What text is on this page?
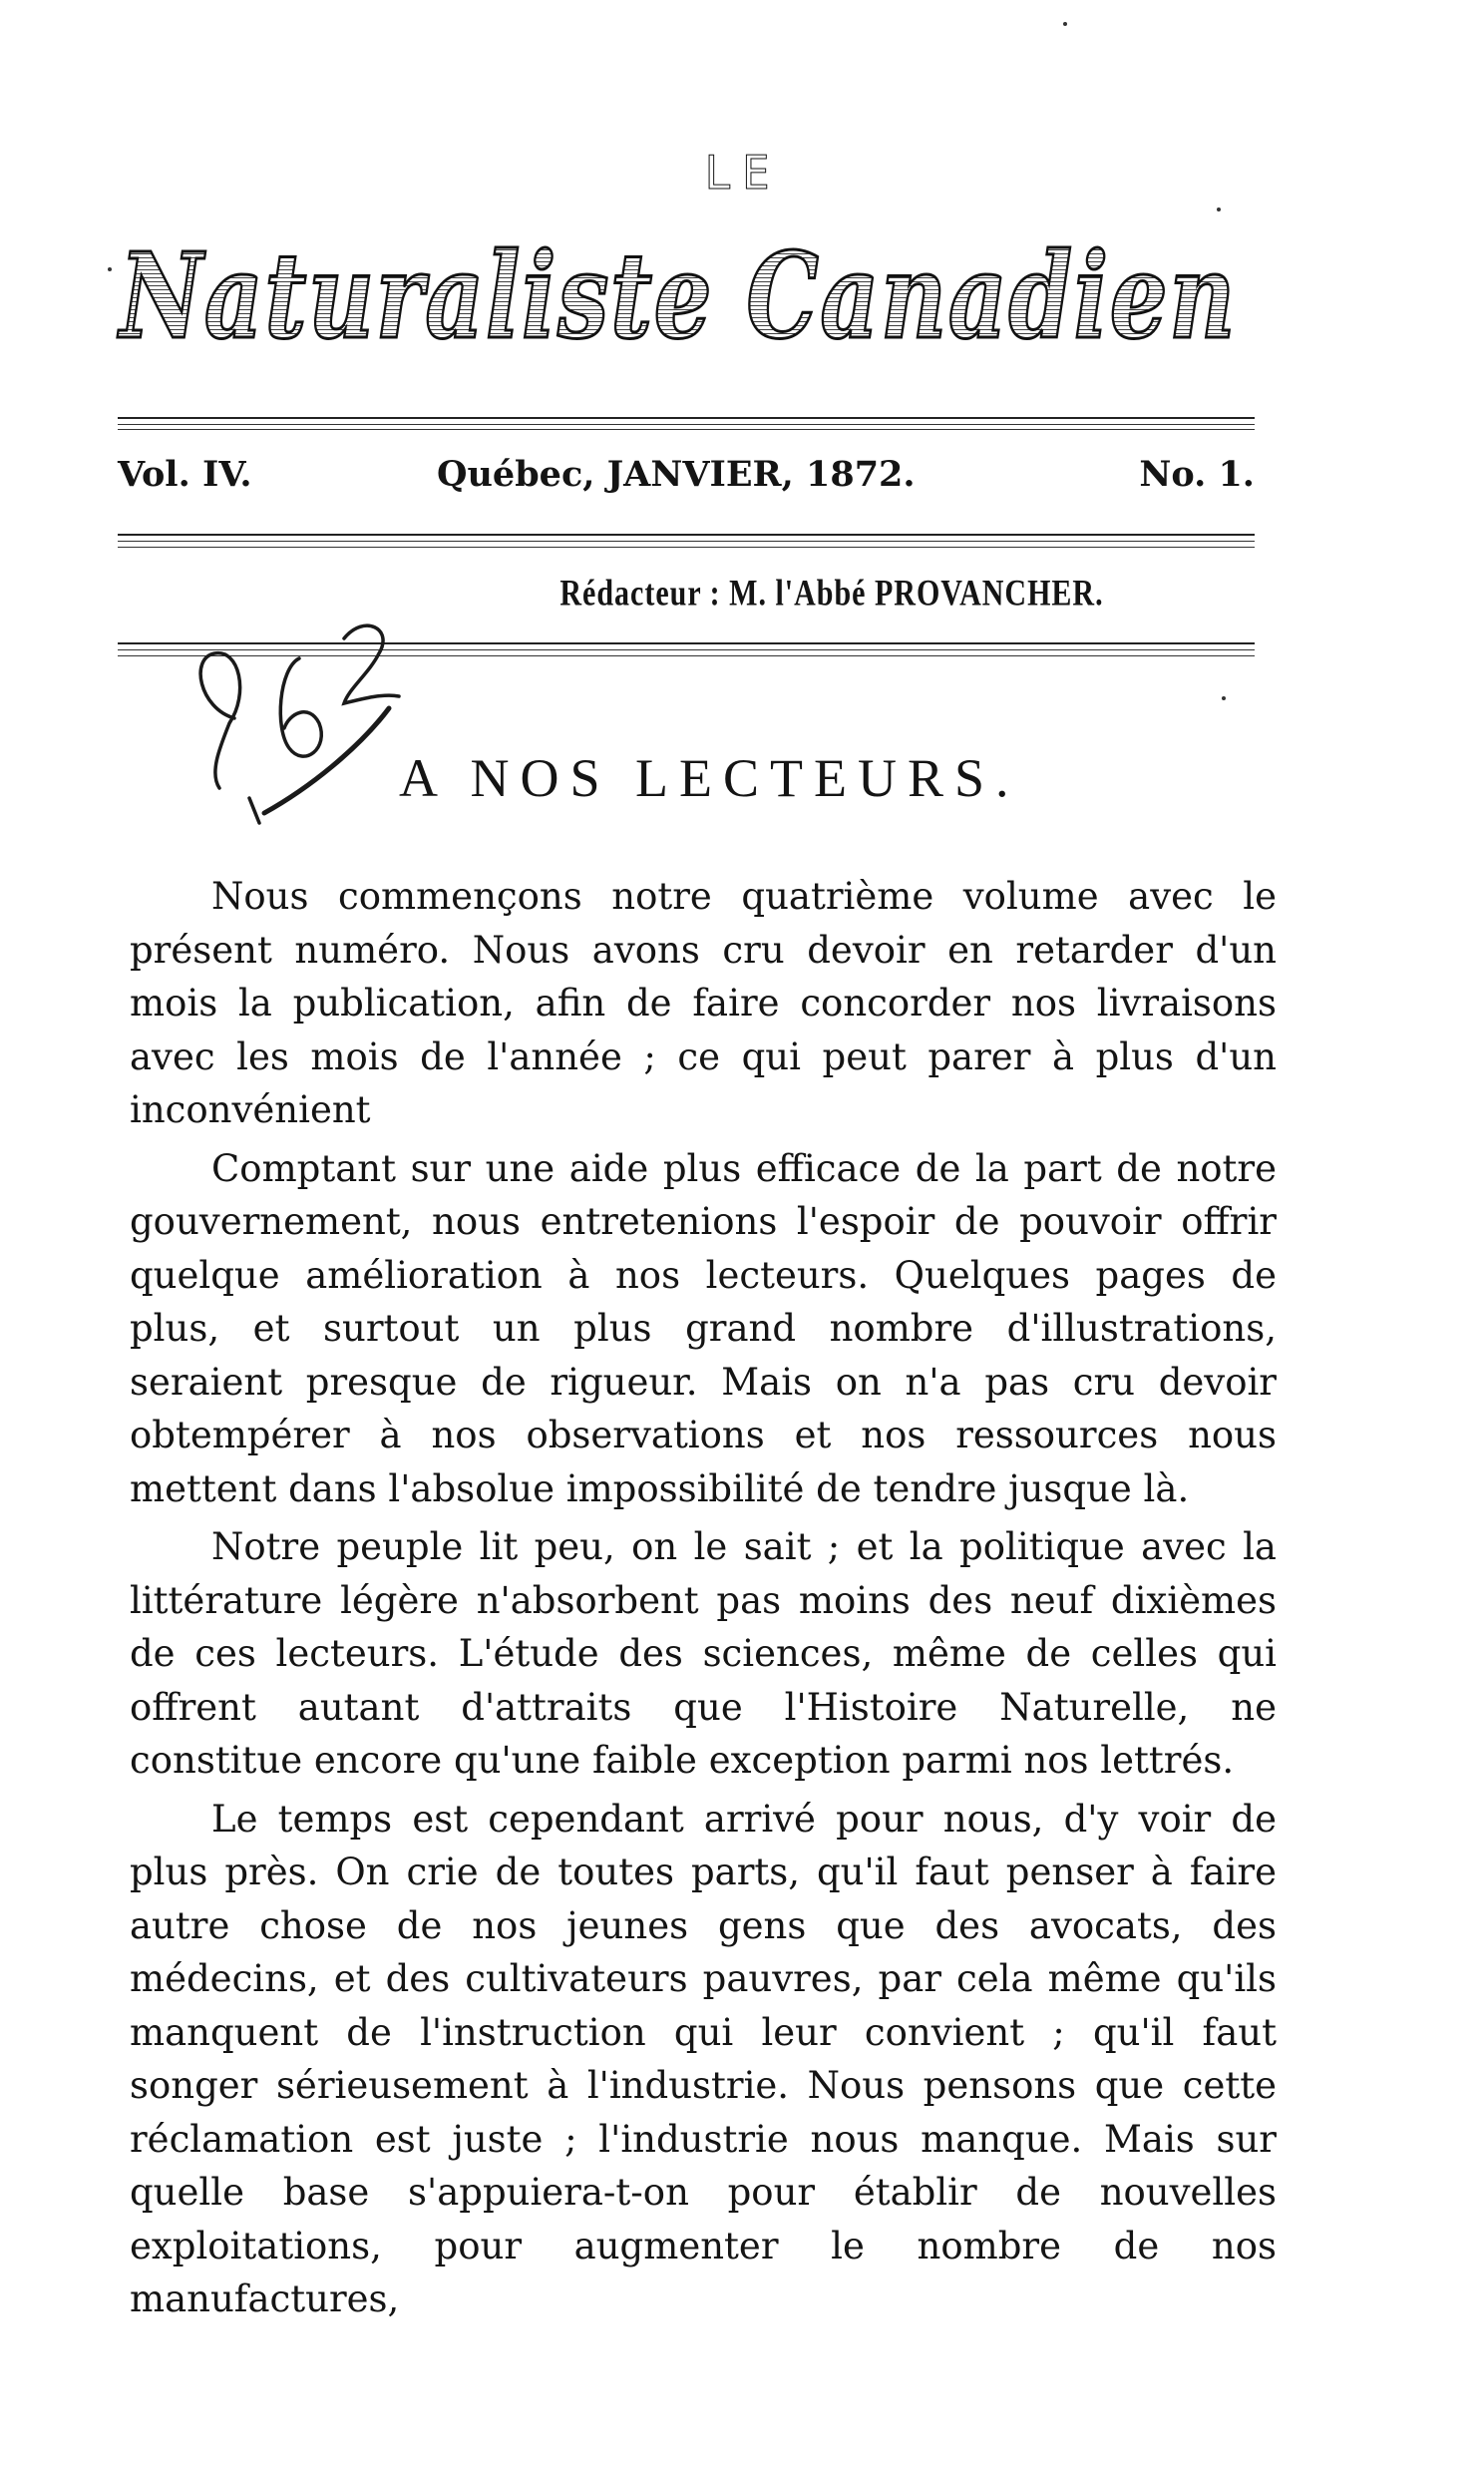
LE
Naturaliste Canadien
Vol. IV.	Québec, JANVIER, 1872.	No. 1.
Rédacteur : M. l'Abbé PROVANCHER.
A NOS LECTEURS.

Nous commençons notre quatrième volume avec le présent numéro. Nous avons cru devoir en retarder d'un mois la publication, afin de faire concorder nos livraisons avec les mois de l'année ; ce qui peut parer à plus d'un inconvénient

Comptant sur une aide plus efficace de la part de notre gouvernement, nous entretenions l'espoir de pouvoir offrir quelque amélioration à nos lecteurs. Quelques pages de plus, et surtout un plus grand nombre d'illustrations, seraient presque de rigueur. Mais on n'a pas cru devoir obtempérer à nos observations et nos ressources nous mettent dans l'absolue impossibilité de tendre jusque là.

Notre peuple lit peu, on le sait ; et la politique avec la littérature légère n'absorbent pas moins des neuf dixièmes de ces lecteurs. L'étude des sciences, même de celles qui offrent autant d'attraits que l'Histoire Naturelle, ne constitue encore qu'une faible exception parmi nos lettrés.

Le temps est cependant arrivé pour nous, d'y voir de plus près. On crie de toutes parts, qu'il faut penser à faire autre chose de nos jeunes gens que des avocats, des médecins, et des cultivateurs pauvres, par cela même qu'ils manquent de l'instruction qui leur convient ; qu'il faut songer sérieusement à l'industrie. Nous pensons que cette réclamation est juste ; l'industrie nous manque. Mais sur quelle base s'appuiera-t-on pour établir de nouvelles exploitations, pour augmenter le nombre de nos manufactures,
